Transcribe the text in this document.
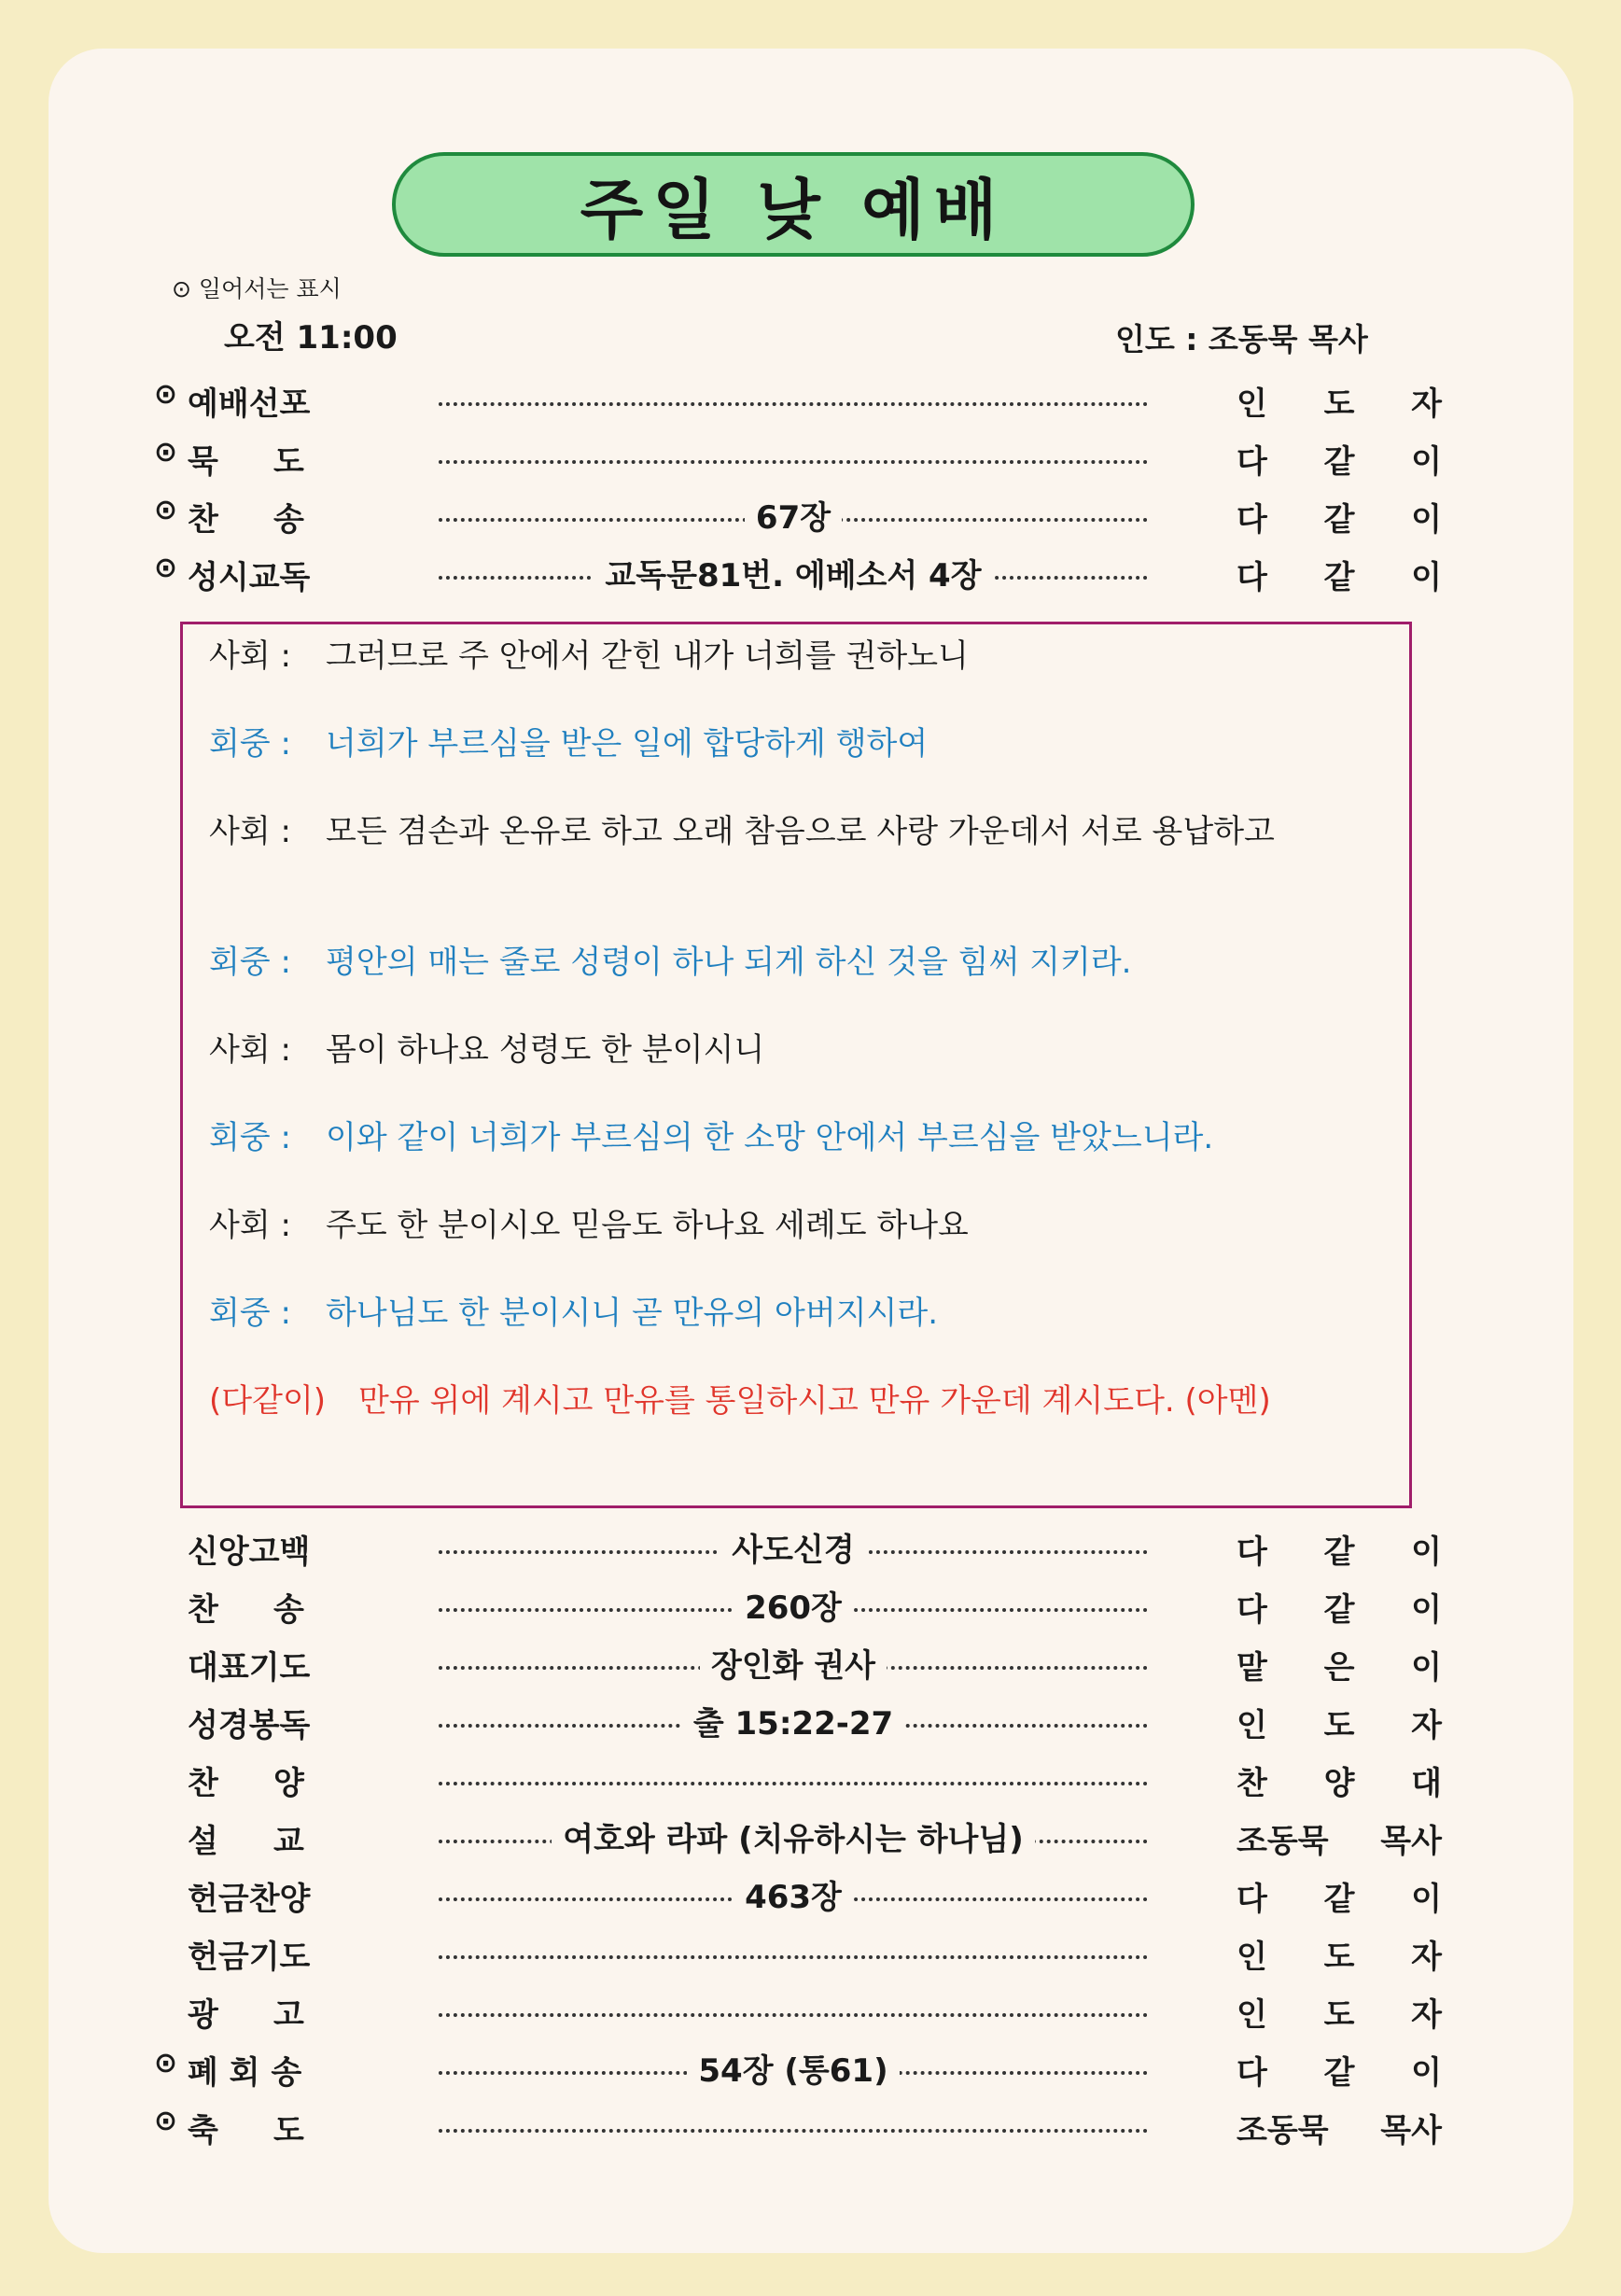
주일 낮 예배
⊙ 일어서는 표시
오전 11:00	인도 : 조동묵 목사
⊙ 예배선포	인 도 자
⊙ 묵     도	다 같 이
⊙ 찬     송	67장	다 같 이
⊙ 성시교독	교독문81번. 에베소서 4장	다 같 이
사회 :	그러므로 주 안에서 갇힌 내가 너희를 권하노니
회중 :	너희가 부르심을 받은 일에 합당하게 행하여
사회 :	모든 겸손과 온유로 하고 오래 참음으로 사랑 가운데서 서로 용납하고
회중 :	평안의 매는 줄로 성령이 하나 되게 하신 것을 힘써 지키라.
사회 :	몸이 하나요 성령도 한 분이시니
회중 :	이와 같이 너희가 부르심의 한 소망 안에서 부르심을 받았느니라.
사회 :	주도 한 분이시오 믿음도 하나요 세례도 하나요
회중 :	하나님도 한 분이시니 곧 만유의 아버지시라.
(다같이)	만유 위에 계시고 만유를 통일하시고 만유 가운데 계시도다. (아멘)
신앙고백	사도신경	다 같 이
찬     송	260장	다 같 이
대표기도	장인화 권사	맡 은 이
성경봉독	출 15:22-27	인 도 자
찬     양	찬 양 대
설     교	여호와 라파 (치유하시는 하나님)	조동묵 목사
헌금찬양	463장	다 같 이
헌금기도	인 도 자
광     고	인 도 자
⊙ 폐 회 송	54장 (통61)	다 같 이
⊙ 축     도	조동묵 목사
